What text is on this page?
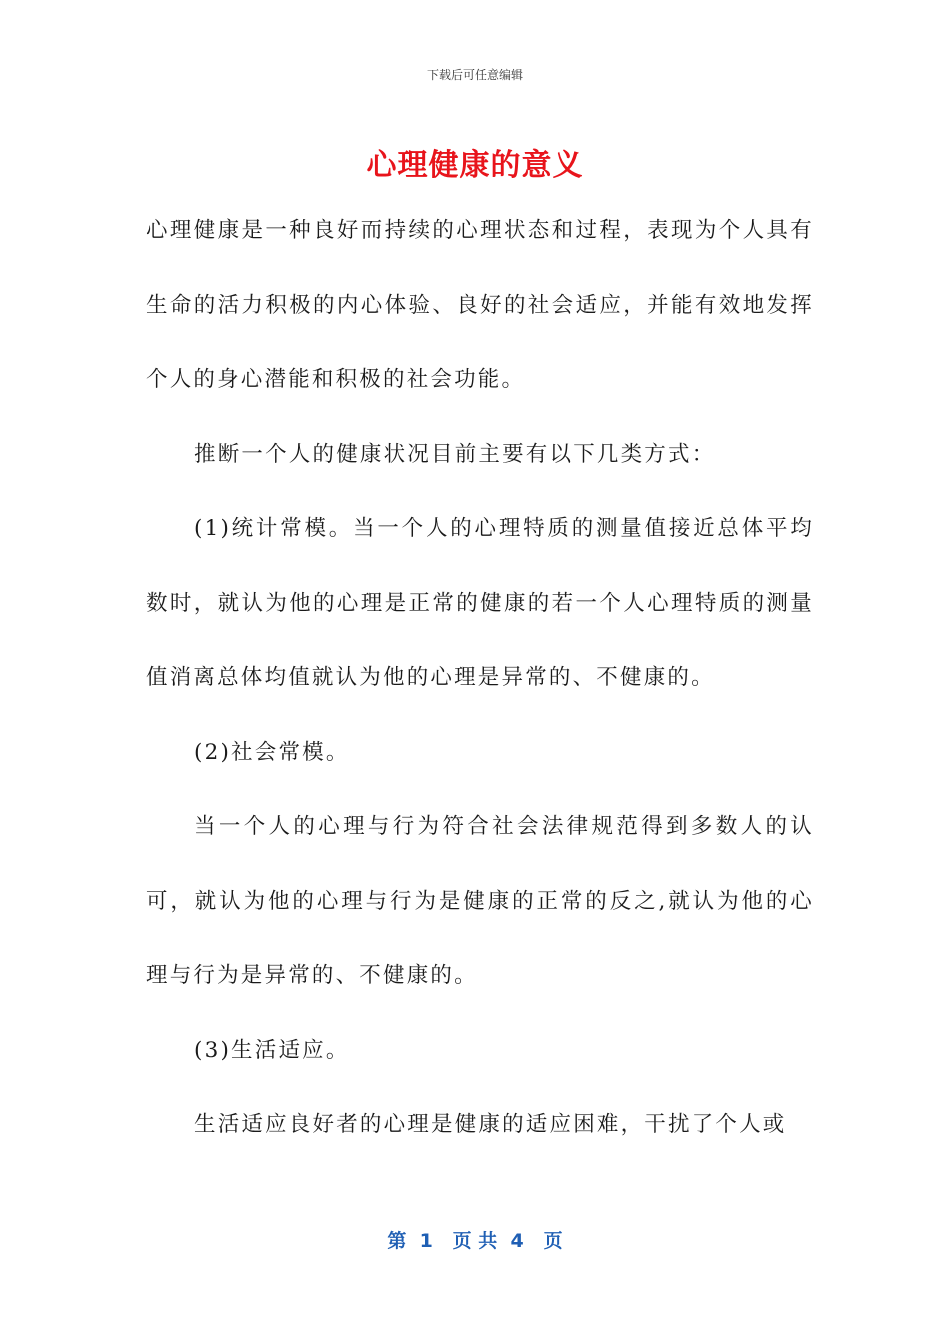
下载后可任意编辑
心理健康的意义

心理健康是一种良好而持续的心理状态和过程，表现为个人具有生命的活力积极的内心体验、良好的社会适应，并能有效地发挥个人的身心潜能和积极的社会功能。

推断一个人的健康状况目前主要有以下几类方式：

(1)统计常模。当一个人的心理特质的测量值接近总体平均数时，就认为他的心理是正常的健康的若一个人心理特质的测量值消离总体均值就认为他的心理是异常的、不健康的。

(2)社会常模。

当一个人的心理与行为符合社会法律规范得到多数人的认可，就认为他的心理与行为是健康的正常的反之,就认为他的心理与行为是异常的、不健康的。

(3)生活适应。

生活适应良好者的心理是健康的适应困难，干扰了个人或

第  1   页 共  4   页
